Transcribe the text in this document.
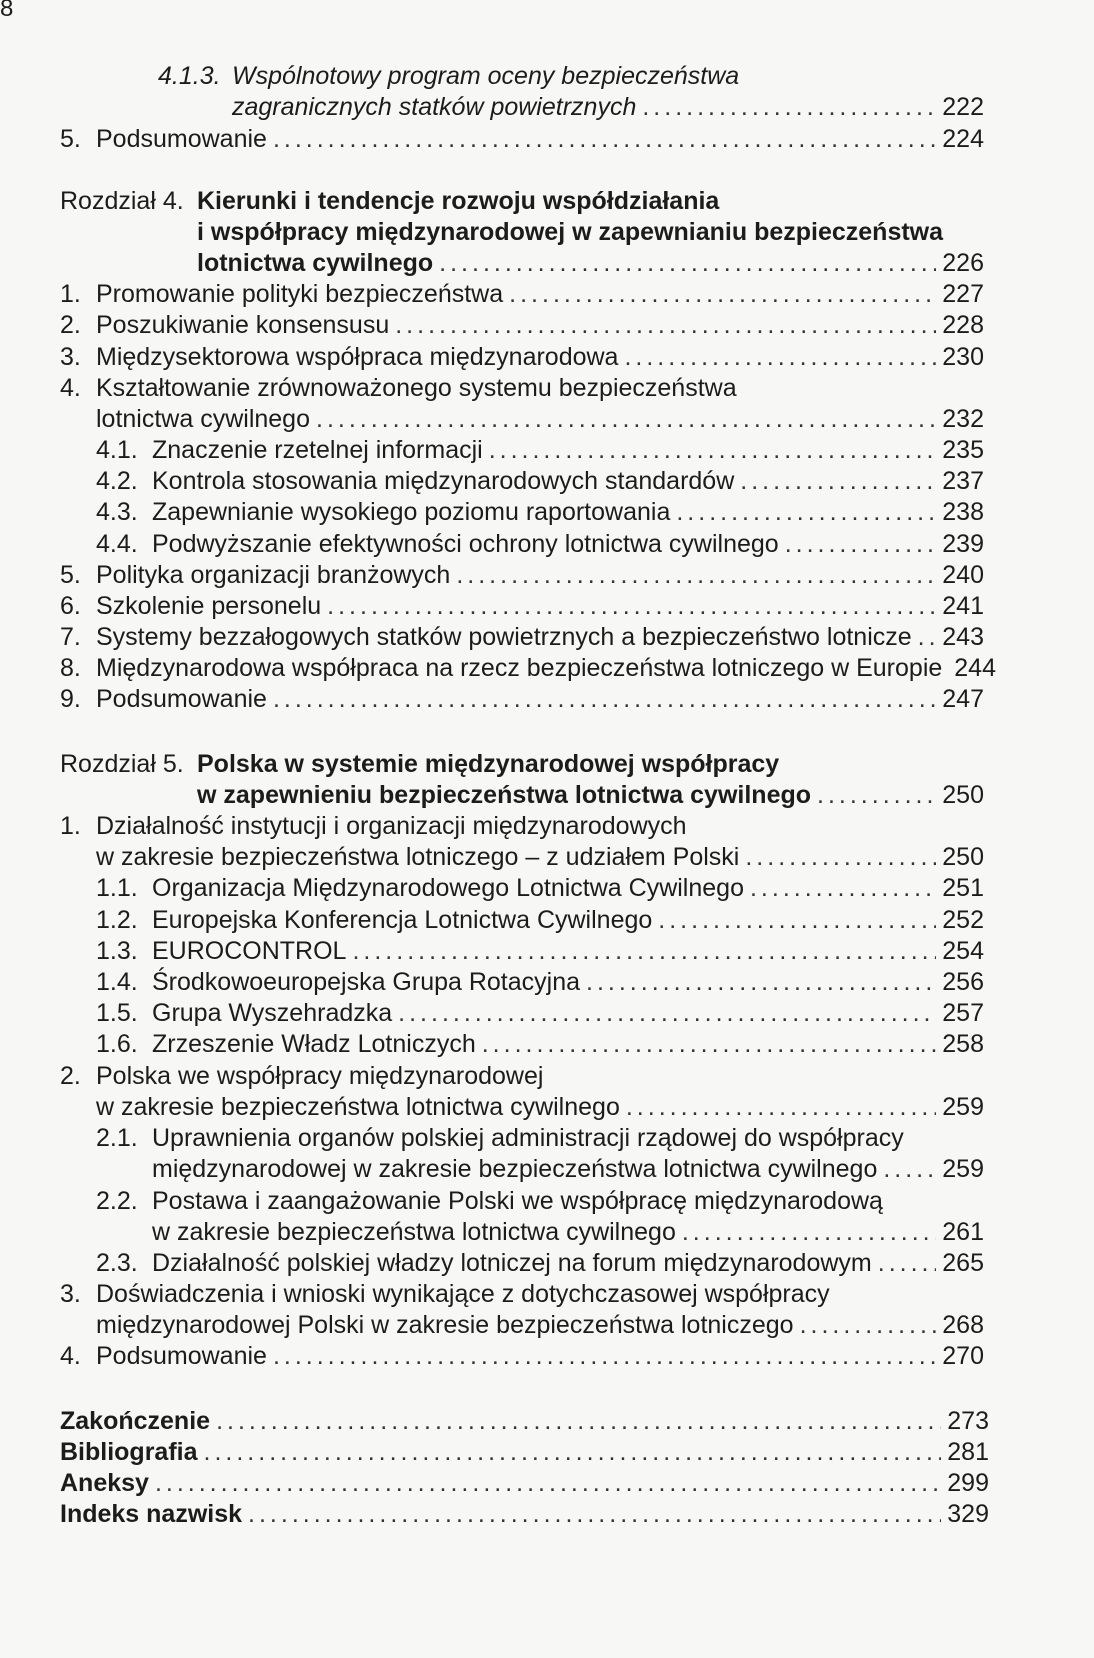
8
4.1.3. Wspólnotowy program oceny bezpieczeństwa
zagranicznych statków powietrznych .....	222
5. Podsumowanie .....	224
Rozdział 4. Kierunki i tendencje rozwoju współdziałania
i współpracy międzynarodowej w zapewnianiu bezpieczeństwa
lotnictwa cywilnego .....	226
1. Promowanie polityki bezpieczeństwa .....	227
2. Poszukiwanie konsensusu .....	228
3. Międzysektorowa współpraca międzynarodowa .....	230
4. Kształtowanie zrównoważonego systemu bezpieczeństwa
lotnictwa cywilnego .....	232
4.1. Znaczenie rzetelnej informacji .....	235
4.2. Kontrola stosowania międzynarodowych standardów .....	237
4.3. Zapewnianie wysokiego poziomu raportowania .....	238
4.4. Podwyższanie efektywności ochrony lotnictwa cywilnego .....	239
5. Polityka organizacji branżowych .....	240
6. Szkolenie personelu .....	241
7. Systemy bezzałogowych statków powietrznych a bezpieczeństwo lotnicze ..... 243
8. Międzynarodowa współpraca na rzecz bezpieczeństwa lotniczego w Europie 244
9. Podsumowanie .....	247
Rozdział 5. Polska w systemie międzynarodowej współpracy
w zapewnieniu bezpieczeństwa lotnictwa cywilnego .....	250
1. Działalność instytucji i organizacji międzynarodowych
w zakresie bezpieczeństwa lotniczego – z udziałem Polski .....	250
1.1. Organizacja Międzynarodowego Lotnictwa Cywilnego .....	251
1.2. Europejska Konferencja Lotnictwa Cywilnego .....	252
1.3. EUROCONTROL .....	254
1.4. Środkowoeuropejska Grupa Rotacyjna .....	256
1.5. Grupa Wyszehradzka .....	257
1.6. Zrzeszenie Władz Lotniczych .....	258
2. Polska we współpracy międzynarodowej
w zakresie bezpieczeństwa lotnictwa cywilnego .....	259
2.1. Uprawnienia organów polskiej administracji rządowej do współpracy
międzynarodowej w zakresie bezpieczeństwa lotnictwa cywilnego .....	259
2.2. Postawa i zaangażowanie Polski we współpracę międzynarodową
w zakresie bezpieczeństwa lotnictwa cywilnego .....	261
2.3. Działalność polskiej władzy lotniczej na forum międzynarodowym .....	265
3. Doświadczenia i wnioski wynikające z dotychczasowej współpracy
międzynarodowej Polski w zakresie bezpieczeństwa lotniczego .....	268
4. Podsumowanie .....	270
Zakończenie .....	273
Bibliografia .....	281
Aneksy .....	299
Indeks nazwisk .....	329
